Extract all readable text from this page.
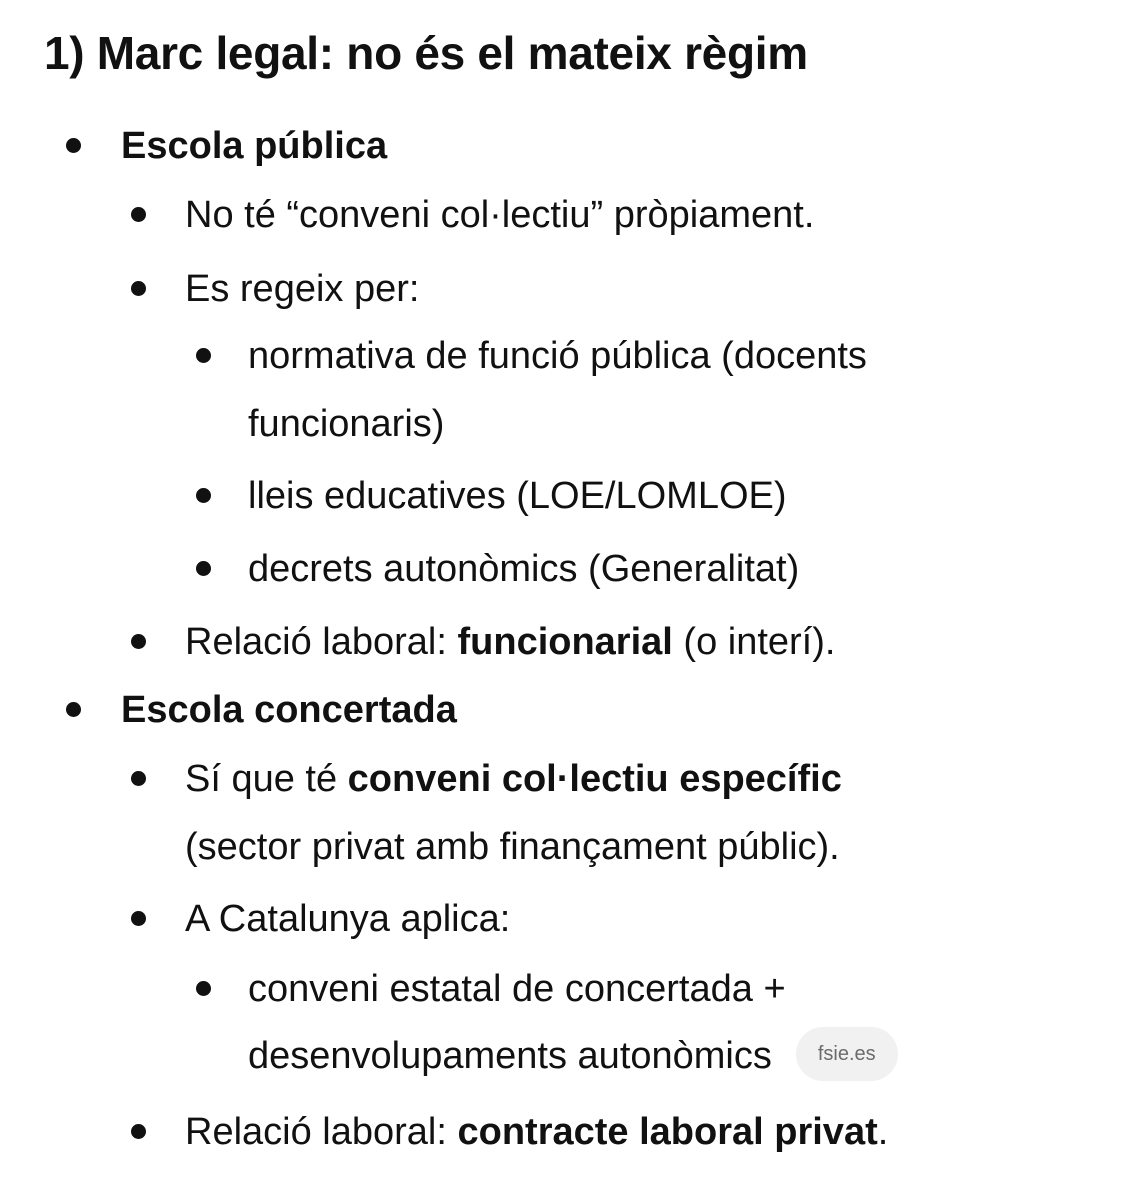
1) Marc legal: no és el mateix règim
Escola pública
No té “conveni col·lectiu” pròpiament.
Es regeix per:
normativa de funció pública (docents
funcionaris)
lleis educatives (LOE/LOMLOE)
decrets autonòmics (Generalitat)
Relació laboral: funcionarial (o interí).
Escola concertada
Sí que té conveni col·lectiu específic
(sector privat amb finançament públic).
A Catalunya aplica:
conveni estatal de concertada +
desenvolupaments autonòmics fsie.es
Relació laboral: contracte laboral privat.
